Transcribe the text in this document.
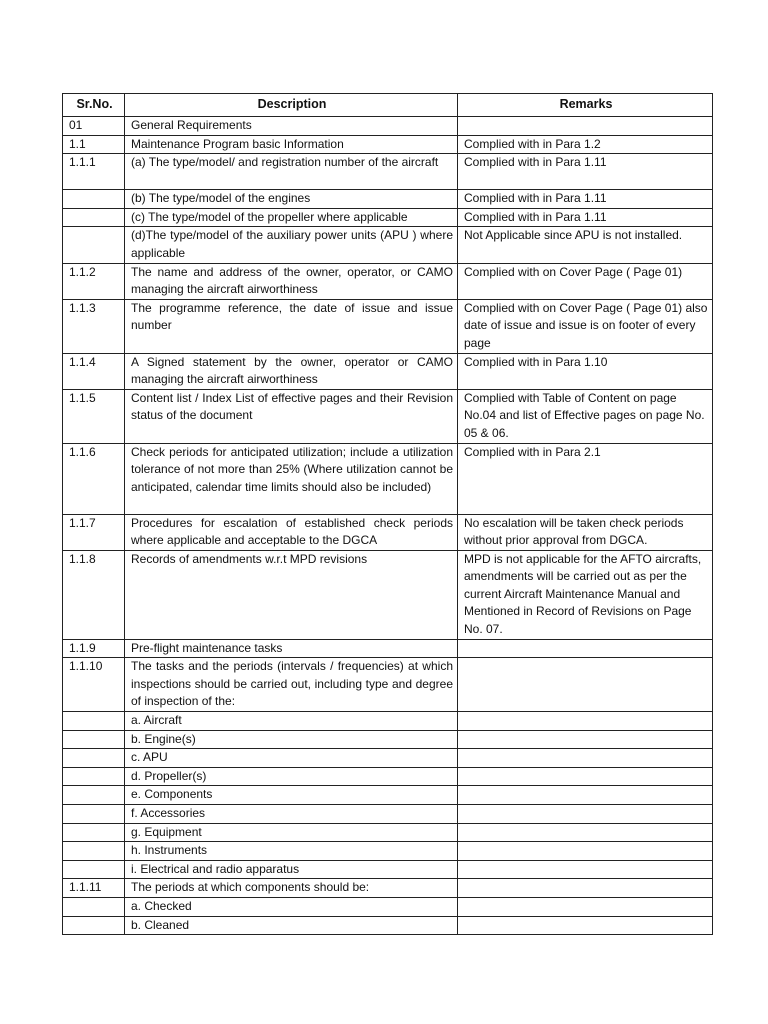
Sr.No.	Description	Remarks
01	General Requirements	
1.1	Maintenance Program basic Information	Complied with in Para 1.2
1.1.1	(a) The type/model/ and registration number of the aircraft	Complied with in Para 1.11
	(b) The type/model of the engines	Complied with in Para 1.11
	(c) The type/model of the propeller where applicable	Complied with in Para 1.11
	(d)The type/model of the auxiliary power units (APU ) where applicable	Not Applicable since APU is not installed.
1.1.2	The name and address of the owner, operator, or CAMO managing the aircraft airworthiness	Complied with on Cover Page ( Page 01)
1.1.3	The programme reference, the date of issue and issue number	Complied with on Cover Page ( Page 01) also date of issue and issue is on footer of every page
1.1.4	A Signed statement by the owner, operator or CAMO managing the aircraft airworthiness	Complied with in Para 1.10
1.1.5	Content list / Index List of effective pages and their Revision status of the document	Complied with Table of Content on page No.04 and list of Effective pages on page No. 05 & 06.
1.1.6	Check periods for anticipated utilization; include a utilization tolerance of not more than 25% (Where utilization cannot be anticipated, calendar time limits should also be included)	Complied with in Para 2.1
1.1.7	Procedures for escalation of established check periods where applicable and acceptable to the DGCA	No escalation will be taken check periods without prior approval from DGCA.
1.1.8	Records of amendments w.r.t MPD revisions	MPD is not applicable for the AFTO aircrafts, amendments will be carried out as per the current Aircraft Maintenance Manual and Mentioned in Record of Revisions on Page No. 07.
1.1.9	Pre-flight maintenance tasks	
1.1.10	The tasks and the periods (intervals / frequencies) at which inspections should be carried out, including type and degree of inspection of the:	
	a. Aircraft	
	b. Engine(s)	
	c. APU	
	d. Propeller(s)	
	e. Components	
	f. Accessories	
	g. Equipment	
	h. Instruments	
	i. Electrical and radio apparatus	
1.1.11	The periods at which components should be:	
	a. Checked	
	b. Cleaned	
